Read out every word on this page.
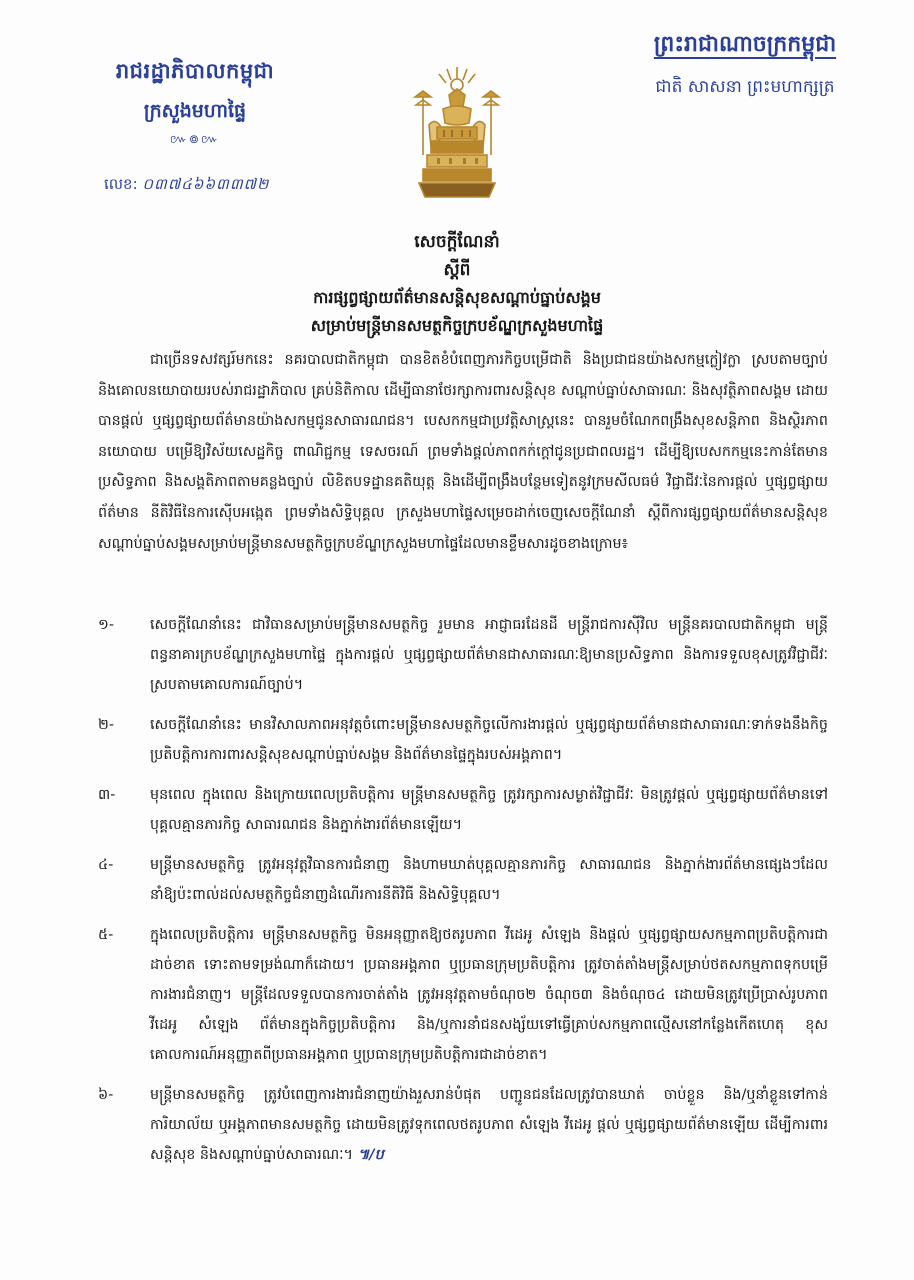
រាជរដ្ឋាភិបាលកម្ពុជា
ក្រសួងមហាផ្ទៃ
៚៙៚
លេខ: ០៣៧៤៦៦៣៣៧២
ព្រះរាជាណាចក្រកម្ពុជា
ជាតិ សាសនា ព្រះមហាក្សត្រ
សេចក្តីណែនាំ
ស្តីពី
ការផ្សព្វផ្សាយព័ត៌មានសន្តិសុខសណ្តាប់ធ្នាប់សង្គម
សម្រាប់មន្ត្រីមានសមត្ថកិច្ចក្របខ័ណ្ឌក្រសួងមហាផ្ទៃ
ជាច្រើនទសវត្សរ៍មកនេះ នគរបាលជាតិកម្ពុជា បានខិតខំបំពេញភារកិច្ចបម្រើជាតិ និងប្រជាជនយ៉ាងសកម្មក្លៀវក្លា ស្របតាមច្បាប់ និងគោលនយោបាយរបស់រាជរដ្ឋាភិបាល គ្រប់និតិកាល ដើម្បីធានាថែរក្សាការពារសន្តិសុខ សណ្តាប់ធ្នាប់សាធារណៈ និងសុវត្ថិភាពសង្គម ដោយបានផ្តល់ ឬផ្សព្វផ្សាយព័ត៌មានយ៉ាងសកម្មជូនសាធារណជន។ បេសកកម្មជាប្រវត្តិសាស្ត្រនេះ បានរួមចំណែកពង្រឹងសុខសន្តិភាព និងស្ថិរភាពនយោបាយ បម្រើឱ្យវិស័យសេដ្ឋកិច្ច ពាណិជ្ជកម្ម ទេសចរណ៍ ព្រមទាំងផ្តល់ភាពកក់ក្តៅជូនប្រជាពលរដ្ឋ។ ដើម្បីឱ្យបេសកកម្មនេះកាន់តែមានប្រសិទ្ធភាព និងសង្គតិភាពតាមគន្លងច្បាប់ លិខិតបទដ្ឋានគតិយុត្ត និងដើម្បីពង្រឹងបន្ថែមទៀតនូវក្រមសីលធម៌ វិជ្ជាជីវៈនៃការផ្តល់ ឬផ្សព្វផ្សាយព័ត៌មាន នីតិវិធីនៃការស៊ើបអង្កេត ព្រមទាំងសិទ្ធិបុគ្គល ក្រសួងមហាផ្ទៃសម្រេចដាក់ចេញសេចក្តីណែនាំ ស្តីពីការផ្សព្វផ្សាយព័ត៌មានសន្តិសុខសណ្តាប់ធ្នាប់សង្គមសម្រាប់មន្ត្រីមានសមត្ថកិច្ចក្របខ័ណ្ឌក្រសួងមហាផ្ទៃដែលមានខ្លឹមសារដូចខាងក្រោម៖
១-	សេចក្តីណែនាំនេះ ជាវិធានសម្រាប់មន្ត្រីមានសមត្ថកិច្ច រួមមាន អាជ្ញាធរដែនដី មន្ត្រីរាជការស៊ីវិល មន្ត្រីនគរបាលជាតិកម្ពុជា មន្ត្រីពន្ធនាគារក្របខ័ណ្ឌក្រសួងមហាផ្ទៃ ក្នុងការផ្តល់ ឬផ្សព្វផ្សាយព័ត៌មានជាសាធារណៈឱ្យមានប្រសិទ្ធភាព និងការទទួលខុសត្រូវវិជ្ជាជីវៈស្របតាមគោលការណ៍ច្បាប់។
២-	សេចក្តីណែនាំនេះ មានវិសាលភាពអនុវត្តចំពោះមន្ត្រីមានសមត្ថកិច្ចលើការងារផ្តល់ ឬផ្សព្វផ្សាយព័ត៌មានជាសាធារណៈទាក់ទងនឹងកិច្ចប្រតិបត្តិការការពារសន្តិសុខសណ្តាប់ធ្នាប់សង្គម និងព័ត៌មានផ្ទៃក្នុងរបស់អង្គភាព។
៣-	មុនពេល ក្នុងពេល និងក្រោយពេលប្រតិបត្តិការ មន្ត្រីមានសមត្ថកិច្ច ត្រូវរក្សាការសម្ងាត់វិជ្ជាជីវៈ មិនត្រូវផ្តល់ ឬផ្សព្វផ្សាយព័ត៌មានទៅបុគ្គលគ្មានភារកិច្ច សាធារណជន និងភ្នាក់ងារព័ត៌មានឡើយ។
៤-	មន្ត្រីមានសមត្ថកិច្ច ត្រូវអនុវត្តវិធានការជំនាញ និងហាមឃាត់បុគ្គលគ្មានភារកិច្ច សាធារណជន និងភ្នាក់ងារព័ត៌មានផ្សេងៗដែលនាំឱ្យប៉ះពាល់ដល់សមត្ថកិច្ចជំនាញដំណើរការនីតិវិធី និងសិទ្ធិបុគ្គល។
៥-	ក្នុងពេលប្រតិបត្តិការ មន្ត្រីមានសមត្ថកិច្ច មិនអនុញ្ញាតឱ្យថតរូបភាព វីដេអូ សំឡេង និងផ្តល់ ឬផ្សព្វផ្សាយសកម្មភាពប្រតិបត្តិការជាដាច់ខាត ទោះតាមទម្រង់ណាក៏ដោយ។ ប្រធានអង្គភាព ឬប្រធានក្រុមប្រតិបត្តិការ ត្រូវចាត់តាំងមន្ត្រីសម្រាប់ថតសកម្មភាពទុកបម្រើការងារជំនាញ។ មន្ត្រីដែលទទួលបានការចាត់តាំង ត្រូវអនុវត្តតាមចំណុច២ ចំណុច៣ និងចំណុច៤ ដោយមិនត្រូវប្រើប្រាស់រូបភាព វីដេអូ សំឡេង ព័ត៌មានក្នុងកិច្ចប្រតិបត្តិការ និង/ឬការនាំជនសង្ស័យទៅធ្វើគ្រាប់សកម្មភាពល្មើសនៅកន្លែងកើតហេតុ ខុសគោលការណ៍អនុញ្ញាតពីប្រធានអង្គភាព ឬប្រធានក្រុមប្រតិបត្តិការជាដាច់ខាត។
៦-	មន្ត្រីមានសមត្ថកិច្ច ត្រូវបំពេញការងារជំនាញយ៉ាងរួសរាន់បំផុត បញ្ជូនជនដែលត្រូវបានឃាត់ ចាប់ខ្លួន និង/ឬនាំខ្លួនទៅកាន់ការិយាល័យ ឬអង្គភាពមានសមត្ថកិច្ច ដោយមិនត្រូវទុកពេលថតរូបភាព សំឡេង វីដេអូ ផ្តល់ ឬផ្សព្វផ្សាយព័ត៌មានឡើយ ដើម្បីការពារសន្តិសុខ និងសណ្តាប់ធ្នាប់សាធារណៈ។ ៕/ប
